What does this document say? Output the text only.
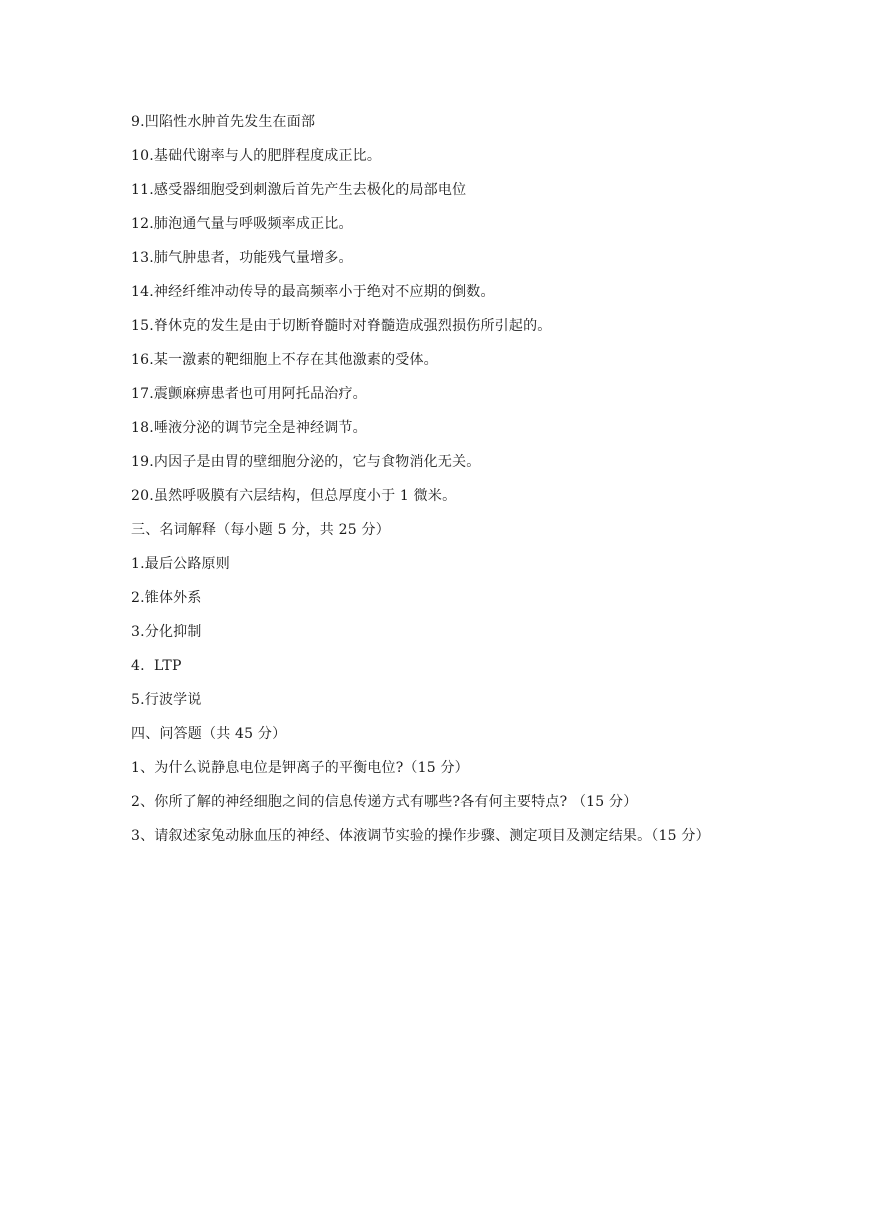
9.凹陷性水肿首先发生在面部
10.基础代谢率与人的肥胖程度成正比。
11.感受器细胞受到刺激后首先产生去极化的局部电位
12.肺泡通气量与呼吸频率成正比。
13.肺气肿患者，功能残气量增多。
14.神经纤维冲动传导的最高频率小于绝对不应期的倒数。
15.脊休克的发生是由于切断脊髓时对脊髓造成强烈损伤所引起的。
16.某一激素的靶细胞上不存在其他激素的受体。
17.震颤麻痹患者也可用阿托品治疗。
18.唾液分泌的调节完全是神经调节。
19.内因子是由胃的壁细胞分泌的，它与食物消化无关。
20.虽然呼吸膜有六层结构，但总厚度小于 1 微米。
三、名词解释（每小题 5 分，共 25 分）
1.最后公路原则
2.锥体外系
3.分化抑制
4.  LTP
5.行波学说
四、问答题（共 45 分）
1、为什么说静息电位是钾离子的平衡电位?（15 分）
2、你所了解的神经细胞之间的信息传递方式有哪些?各有何主要特点? （15 分）
3、请叙述家兔动脉血压的神经、体液调节实验的操作步骤、测定项目及测定结果。（15 分）
